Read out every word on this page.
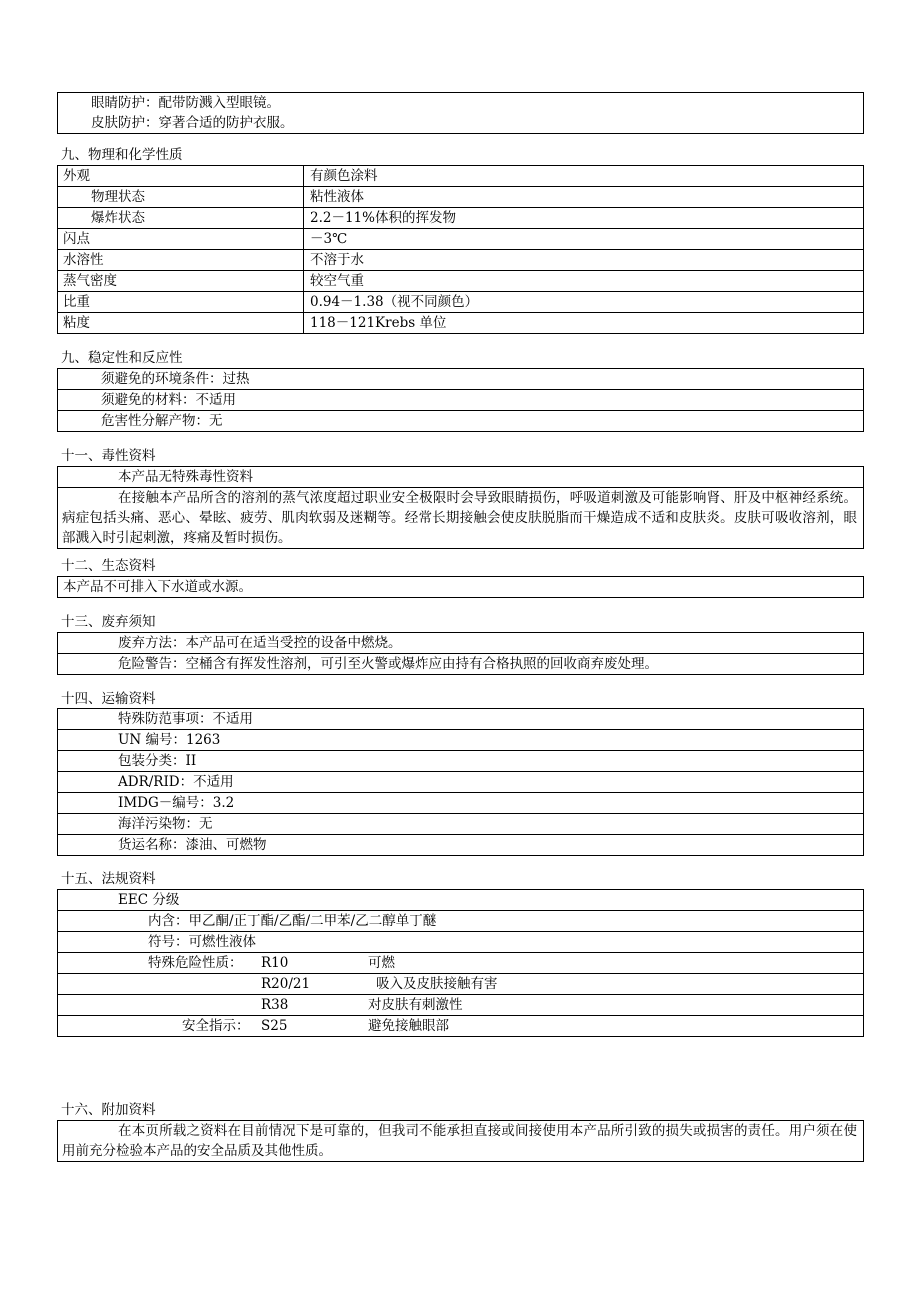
眼睛防护：配带防溅入型眼镜。
皮肤防护：穿著合适的防护衣服。
九、物理和化学性质
外观	有颜色涂料
物理状态	粘性液体
爆炸状态	2.2－11%体积的挥发物
闪点	－3℃
水溶性	不溶于水
蒸气密度	较空气重
比重	0.94－1.38（视不同颜色）
粘度	118－121Krebs 单位
九、稳定性和反应性
须避免的环境条件：过热
须避免的材料：不适用
危害性分解产物：无
十一、毒性资料
本产品无特殊毒性资料
在接触本产品所含的溶剂的蒸气浓度超过职业安全极限时会导致眼睛损伤，呼吸道刺激及可能影响肾、肝及中枢神经系统。病症包括头痛、恶心、晕眩、疲劳、肌肉软弱及迷糊等。经常长期接触会使皮肤脱脂而干燥造成不适和皮肤炎。皮肤可吸收溶剂，眼部溅入时引起刺激，疼痛及暂时损伤。
十二、生态资料
本产品不可排入下水道或水源。
十三、废弃须知
废弃方法：本产品可在适当受控的设备中燃烧。
危险警告：空桶含有挥发性溶剂，可引至火警或爆炸应由持有合格执照的回收商弃废处理。
十四、运输资料
特殊防范事项：不适用
UN 编号：1263
包装分类：II
ADR/RID：不适用
IMDG－编号：3.2
海洋污染物：无
货运名称：漆油、可燃物
十五、法规资料
EEC 分级
内含：甲乙酮/正丁酯/乙酯/二甲苯/乙二醇单丁醚
符号：可燃性液体
特殊危险性质： R10	可燃
R20/21	吸入及皮肤接触有害
R38	对皮肤有刺激性
安全指示： S25	避免接触眼部
十六、附加资料
在本页所载之资料在目前情况下是可靠的，但我司不能承担直接或间接使用本产品所引致的损失或损害的责任。用户须在使用前充分检验本产品的安全品质及其他性质。
